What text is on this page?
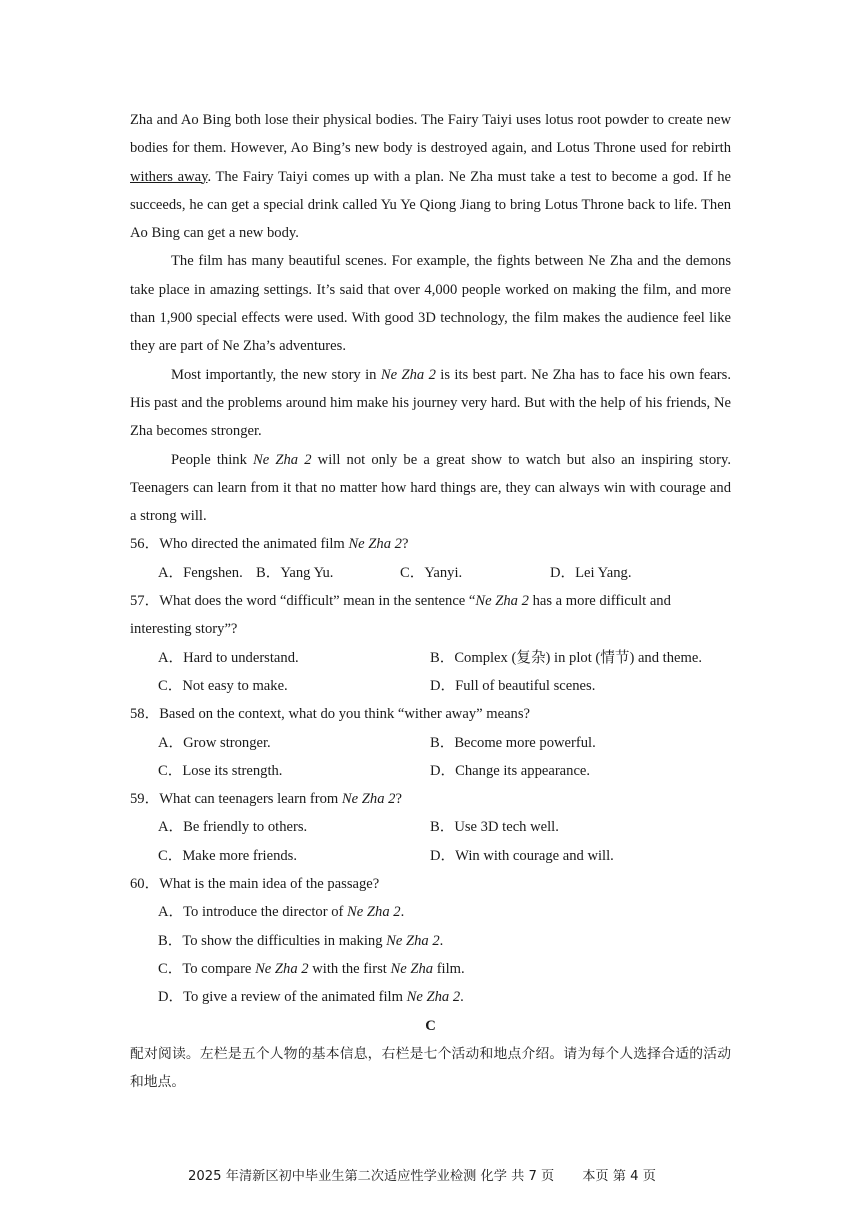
Zha and Ao Bing both lose their physical bodies. The Fairy Taiyi uses lotus root powder to create new bodies for them. However, Ao Bing’s new body is destroyed again, and Lotus Throne used for rebirth withers away. The Fairy Taiyi comes up with a plan. Ne Zha must take a test to become a god. If he succeeds, he can get a special drink called Yu Ye Qiong Jiang to bring Lotus Throne back to life. Then Ao Bing can get a new body.

The film has many beautiful scenes. For example, the fights between Ne Zha and the demons take place in amazing settings. It’s said that over 4,000 people worked on making the film, and more than 1,900 special effects were used. With good 3D technology, the film makes the audience feel like they are part of Ne Zha’s adventures.

Most importantly, the new story in Ne Zha 2 is its best part. Ne Zha has to face his own fears. His past and the problems around him make his journey very hard. But with the help of his friends, Ne Zha becomes stronger.

People think Ne Zha 2 will not only be a great show to watch but also an inspiring story. Teenagers can learn from it that no matter how hard things are, they can always win with courage and a strong will.

56．Who directed the animated film Ne Zha 2?
A．Fengshen. B．Yang Yu.	C．Yanyi.	D．Lei Yang.
57．What does the word “difficult” mean in the sentence “Ne Zha 2 has a more difficult and interesting story”?
A．Hard to understand.	B．Complex (复杂) in plot (情节) and theme.
C．Not easy to make.	D．Full of beautiful scenes.
58．Based on the context, what do you think “wither away” means?
A．Grow stronger.	B．Become more powerful.
C．Lose its strength.	D．Change its appearance.
59．What can teenagers learn from Ne Zha 2?
A．Be friendly to others.	B．Use 3D tech well.
C．Make more friends.	D．Win with courage and will.
60．What is the main idea of the passage?
A．To introduce the director of Ne Zha 2.
B．To show the difficulties in making Ne Zha 2.
C．To compare Ne Zha 2 with the first Ne Zha film.
D．To give a review of the animated film Ne Zha 2.
C

配对阅读。左栏是五个人物的基本信息，右栏是七个活动和地点介绍。请为每个人选择合适的活动和地点。

2025 年清新区初中毕业生第二次适应性学业检测 化学 共 7 页 本页 第 4 页
